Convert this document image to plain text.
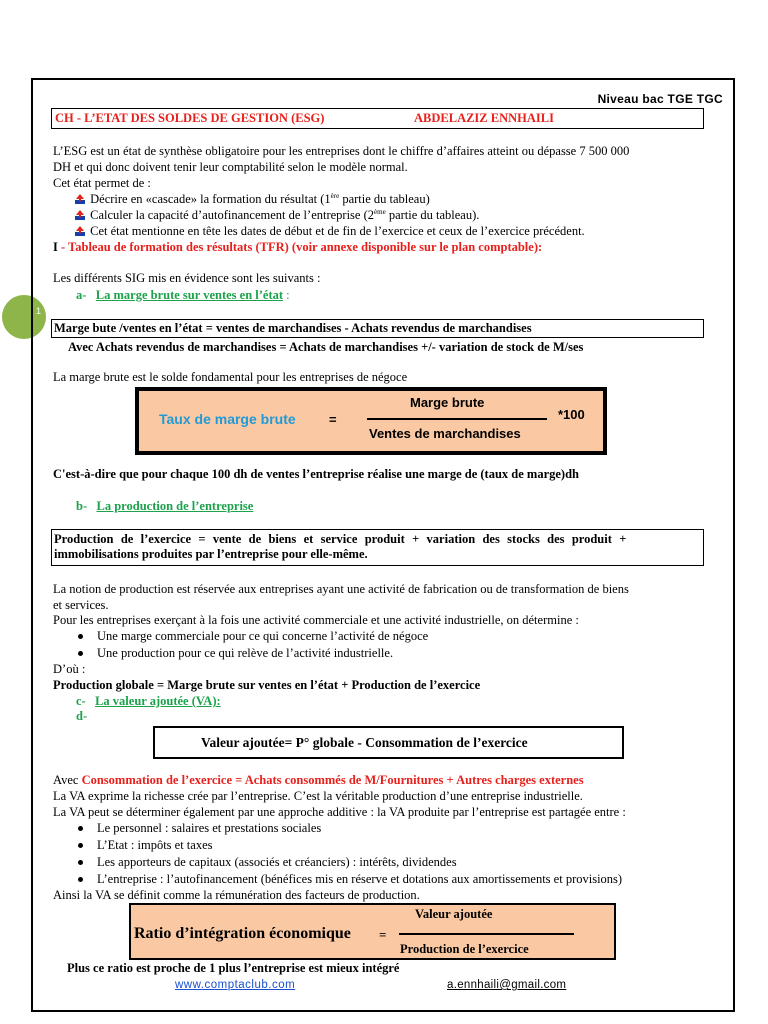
1
Niveau bac TGE TGC
CH - L’ETAT DES SOLDES DE GESTION (ESG)	ABDELAZIZ ENNHAILI
L’ESG est un état de synthèse obligatoire pour les entreprises dont le chiffre d’affaires atteint ou dépasse 7 500 000
DH et qui donc doivent tenir leur comptabilité selon le modèle normal.
Cet état permet de :
Décrire en «cascade» la formation du résultat (1ère partie du tableau)
Calculer la capacité d’autofinancement de l’entreprise (2ème partie du tableau).
Cet état mentionne en tête les dates de début et de fin de l’exercice et ceux de l’exercice précédent.
I - Tableau de formation des résultats (TFR) (voir annexe disponible sur le plan comptable):
Les différents SIG mis en évidence sont les suivants :
a- La marge brute sur ventes en l’état :
Marge bute /ventes en l’état = ventes de marchandises - Achats revendus de marchandises
Avec Achats revendus de marchandises = Achats de marchandises +/- variation de stock de M/ses
La marge brute est le solde fondamental pour les entreprises de négoce
Taux de marge brute	=
Marge brute
Ventes de marchandises
*100
C'est-à-dire que pour chaque 100 dh de ventes l’entreprise réalise une marge de (taux de marge)dh
b- La production de l’entreprise
Production de l’exercice = vente de biens et service produit + variation des stocks des produit +
immobilisations produites par l’entreprise pour elle-même.
La notion de production est réservée aux entreprises ayant une activité de fabrication ou de transformation de biens
et services.
Pour les entreprises exerçant à la fois une activité commerciale et une activité industrielle, on détermine :
Une marge commerciale pour ce qui concerne l’activité de négoce
Une production pour ce qui relève de l’activité industrielle.
D’où :
Production globale = Marge brute sur ventes en l’état + Production de l’exercice
c- La valeur ajoutée (VA):
d-
Valeur ajoutée= P° globale - Consommation de l’exercice
Avec Consommation de l’exercice = Achats consommés de M/Fournitures + Autres charges externes
La VA exprime la richesse crée par l’entreprise. C’est la véritable production d’une entreprise industrielle.
La VA peut se déterminer également par une approche additive : la VA produite par l’entreprise est partagée entre :
Le personnel : salaires et prestations sociales
L’Etat : impôts et taxes
Les apporteurs de capitaux (associés et créanciers) : intérêts, dividendes
L’entreprise : l’autofinancement (bénéfices mis en réserve et dotations aux amortissements et provisions)
Ainsi la VA se définit comme la rémunération des facteurs de production.
Ratio d’intégration économique =
Valeur ajoutée
Production de l’exercice
Plus ce ratio est proche de 1 plus l’entreprise est mieux intégré
www.comptaclub.com	a.ennhaili@gmail.com
